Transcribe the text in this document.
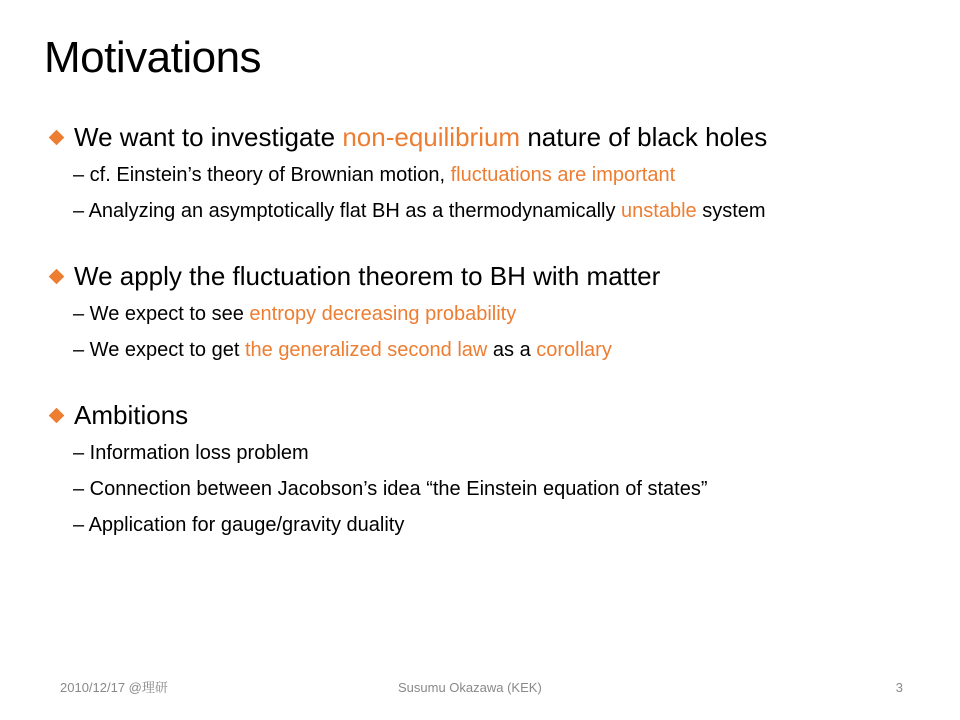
Motivations
We want to investigate non-equilibrium nature of black holes
– cf. Einstein’s theory of Brownian motion, fluctuations are important
– Analyzing an asymptotically flat BH as a thermodynamically unstable system
We apply the fluctuation theorem to BH with matter
– We expect to see entropy decreasing probability
– We expect to get the generalized second law as a corollary
Ambitions
– Information loss problem
– Connection between Jacobson’s idea “the Einstein equation of states”
– Application for gauge/gravity duality
2010/12/17 @理研	Susumu Okazawa (KEK)	3
